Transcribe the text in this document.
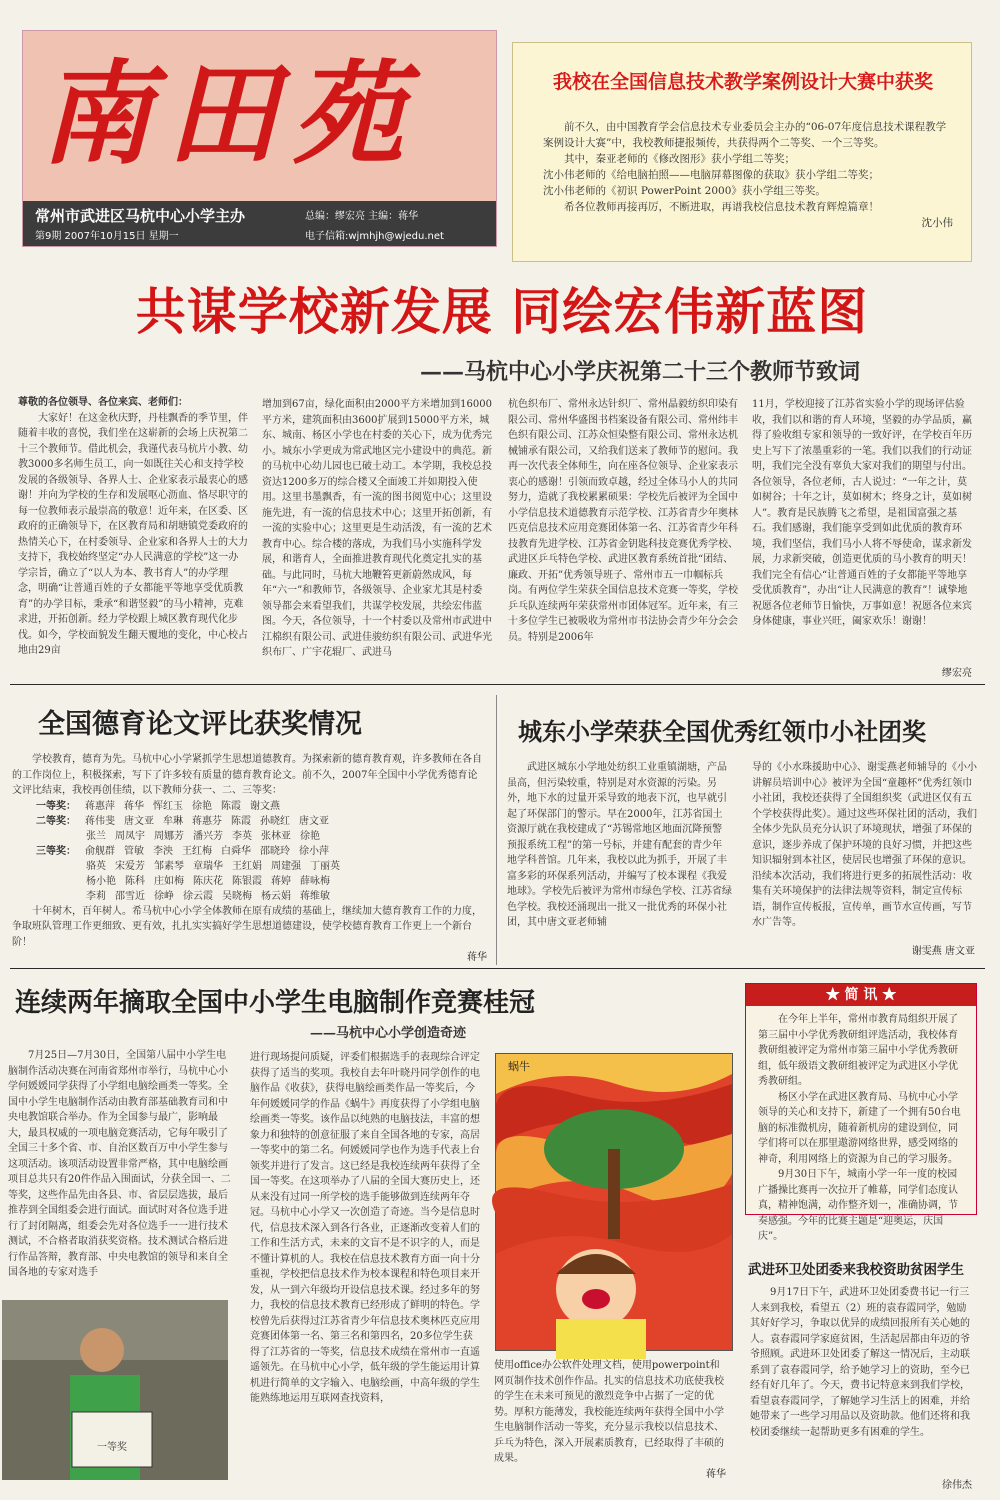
常州市武进区马杭中心小学主办
第9期 2007年10月15日 星期一
总编：缪宏亮 主编：蒋华
电子信箱:wjmhjh@wjedu.net
南田苑	我校在全国信息技术教学案例设计大赛中获奖
前不久，由中国教育学会信息技术专业委员会主办的“06-07年度信息技术课程教学案例设计大赛”中，我校教师捷报频传，共获得两个二等奖、一个三等奖。
其中，秦亚老师的《修改图形》获小学组二等奖；
沈小伟老师的《给电脑拍照——电脑屏幕图像的获取》获小学组二等奖；
沈小伟老师的《初识 PowerPoint 2000》获小学组三等奖。
希各位教师再接再厉，不断进取，再谱我校信息技术教育辉煌篇章！
沈小伟
共谋学校新发展 同绘宏伟新蓝图
——马杭中心小学庆祝第二十三个教师节致词
尊敬的各位领导、各位来宾、老师们：

大家好！在这金秋庆野，丹桂飘香的季节里，伴随着丰收的喜悦，我们坐在这崭新的会场上庆祝第二十三个教师节。借此机会，我谨代表马杭片小教、幼教3000多名师生员工，向一如既往关心和支持学校发展的各级领导、各界人士、企业家表示最衷心的感谢！并向为学校的生存和发展呕心沥血、恪尽职守的每一位教师表示最崇高的敬意！近年来，在区委、区政府的正确领导下，在区教育局和胡塘镇党委政府的热情关心下，在村委领导、企业家和各界人士的大力支持下，我校始终坚定“办人民满意的学校”这一办学宗旨，确立了“以人为本、教书育人”的办学理念，明确“让普通百姓的子女都能平等地享受优质教育”的办学目标，秉承“和谐竖毅”的马小精神，克难求进，开拓创新。经力学校跟上城区教育现代化步伐。如今，学校面貌发生翻天覆地的变化，中心校占地由29亩

增加到67亩，绿化面积由2000平方米增加到16000平方米，建筑面积由3600扩展到15000平方米，城东、城南、杨区小学也在村委的关心下，成为优秀完小。城东小学更成为常武地区完小建设中的典范。新的马杭中心幼儿园也已破土动工。本学期，我校总投资达1200多万的综合楼又全面竣工并如期投入使用。这里书墨飘香，有一流的图书阅览中心；这里设施先进，有一流的信息技术中心；这里开拓创新，有一流的实验中心；这里更是生动活泼，有一流的艺术教育中心。综合楼的落成，为我们马小实施科学发展，和谐育人，全面推进教育现代化奠定扎实的基础。与此同时，马杭大地鞭笞更新蔚然成风，每年“六一”和教师节，各级领导、企业家尤其是村委领导都会来看望我们，共谋学校发展，共绘宏伟蓝图。今天，各位领导，十一个村委以及常州市武进中江棉织有限公司、武进佳骏纺织有限公司、武进华光织布厂、广宇花辊厂、武进马

杭色织布厂、常州永达针织厂、常州晶毅纺织印染有限公司、常州华盛图书档案设备有限公司、常州纬丰色织有限公司、江苏众恒染整有限公司、常州永达机械铺承有限公司，又给我们送来了教师节的慰问。我再一次代表全体师生，向在座各位领导、企业家表示衷心的感谢！引领而致卓越，经过全体马小人的共同努力，造就了我校累累硕果：学校先后被评为全国中小学信息技术道德教育示范学校、江苏省青少年奥林匹克信息技术应用竞赛团体第一名、江苏省青少年科技教育先进学校、江苏省金钥匙科技竞赛优秀学校、武进区乒乓特色学校、武进区教育系统首批“团结、廉政、开拓”优秀领导班子、常州市五一巾帼标兵岗。有两位学生荣获全国信息技术竞赛一等奖，学校乒乓队连续两年荣获常州市团体冠军。近年来，有三十多位学生已被吸收为常州市书法协会青少年分会会员。特别是2006年

11月，学校迎接了江苏省实验小学的现场评估验收，我们以和谐的育人环境，坚毅的办学品质，赢得了验收组专家和领导的一致好评，在学校百年历史上写下了浓墨重彩的一笔。我们以我们的行动证明，我们完全没有辜负大家对我们的期望与付出。各位领导，各位老师，古人说过：“一年之计，莫如树谷；十年之计，莫如树木；终身之计，莫如树人”。教育是民族腾飞之希望，是祖国富强之基石。我们感谢，我们能享受到如此优质的教育环境，我们坚信，我们马小人将不辱使命，谋求新发展，力求新突破，创造更优质的马小教育的明天！我们完全有信心“让普通百姓的子女都能平等地享受优质教育”，办出“让人民满意的教育”！诚挚地祝愿各位老师节日愉快，万事如意！祝愿各位来宾身体健康，事业兴旺，阖家欢乐！谢谢！

缪宏亮
全国德育论文评比获奖情况

学校教育，德育为先。马杭中心小学紧抓学生思想道德教育。为探索新的德育教育观，许多教师在各自的工作岗位上，积极探索，写下了许多较有质量的德育教育论文。前不久，2007年全国中小学优秀德育论文评比结束，我校再创佳绩，以下教师分获一、二、三等奖：

一等奖： 蒋惠萍 蒋华 恽红玉 徐艳 陈霞 谢文燕
二等奖： 蒋伟斐 唐文亚 牟琳 蒋惠芬 陈霞 孙晓红 唐文亚
张兰 周凤宇 周娜芳 潘兴芳 李英 张林亚 徐艳
三等奖： 俞舰群 管敏 李泱 王红梅 白舜华 邵晓玲 徐小萍
骆英 宋爱芳 邹素琴 章瑞华 王红娟 周建强 丁丽英
杨小艳 陈科 庄如梅 陈庆花 陈银霞 蒋婷 薛咏梅
李莉 邵雪近 徐峥 徐云霞 吴晓梅 杨云娟 蒋维敏

十年树木，百年树人。希马杭中心小学全体教师在原有成绩的基础上，继续加大德育教育工作的力度，争取班队管理工作更细致、更有效，扎扎实实搞好学生思想道德建设，使学校德育教育工作更上一个新台阶！

蒋华
城东小学荣获全国优秀红领巾小社团奖

武进区城东小学地处纺织工业重镇湖塘，产品虽高，但污染较重，特别是对水资源的污染。另外，地下水的过量开采导致的地表下沉，也早就引起了环保部门的警示。早在2000年，江苏省国土资源厅就在我校建成了“苏锡常地区地面沉降预警预报系统工程”的第一号标，并建有配套的青少年地学科普馆。几年来，我校以此为抓手，开展了丰富多彩的环保系列活动，并编写了校本课程《我爱地球》。学校先后被评为常州市绿色学校、江苏省绿色学校。我校还涌现出一批又一批优秀的环保小社团，其中唐文亚老师辅

导的《小水珠援助中心》、谢雯燕老师辅导的《小小讲解员培训中心》被评为全国“童趣杯”优秀红领巾小社团，我校还获得了全国组织奖（武进区仅有五个学校获得此奖）。通过这些环保社团的活动，我们全体少先队员充分认识了环境现状，增强了环保的意识，逐步养成了保护环境的良好习惯，并把这些知识辐射到本社区，使居民也增强了环保的意识。沿续本次活动，我们将进行更多的拓展性活动：收集有关环境保护的法律法规等资料，制定宣传标语，制作宣传板报，宣传单，画节水宣传画，写节水广告等。

谢雯燕 唐文亚
连续两年摘取全国中小学生电脑制作竞赛桂冠
——马杭中心小学创造奇迹

7月25日—7月30日，全国第八届中小学生电脑制作活动决赛在河南省郑州市举行，马杭中心小学何媛媛同学获得了小学组电脑绘画类一等奖。全国中小学生电脑制作活动由教育部基础教育司和中央电教馆联合举办。作为全国参与最广，影响最大，最具权威的一项电脑竞赛活动，它每年吸引了全国三十多个省、市、自治区数百万中小学生参与这项活动。该项活动设置非常严格，其中电脑绘画项目总共只有20件作品入围面试，分获全国一、二等奖，这些作品先由各县、市、省层层选拔，最后推荐到全国组委会进行面试。面试时对各位选手进行了封闭隔离，组委会先对各位选手一一进行技术测试，不合格者取消获奖资格。技术测试合格后进行作品答辩，教育部、中央电教馆的领导和来自全国各地的专家对选手

进行现场提问质疑，评委们根据选手的表现综合评定获得了适当的奖项。我校自去年叶晓丹同学创作的电脑作品《收获》，获得电脑绘画类作品一等奖后，今年何媛媛同学的作品《蜗牛》再度获得了小学组电脑绘画类一等奖。该作品以纯熟的电脑技法，丰富的想象力和独特的创意征服了来自全国各地的专家，高居一等奖中的第二名。何媛媛同学也作为选手代表上台领奖并进行了发言。这已经是我校连续两年获得了全国一等奖。在这项举办了八届的全国大赛历史上，还从来没有过同一所学校的选手能够做到连续两年夺冠。马杭中心小学又一次创造了奇迹。当今是信息时代，信息技术深入到各行各业，正逐渐改变着人们的工作和生活方式，未来的文盲不是不识字的人，而是不懂计算机的人。我校在信息技术教育方面一向十分重视，学校把信息技术作为校本课程和特色项目来开发，从一到六年级均开设信息技术课。经过多年的努力，我校的信息技术教育已经形成了鲜明的特色。学校曾先后获得过江苏省青少年信息技术奥林匹克应用竞赛团体第一名、第三名和第四名，20多位学生获得了江苏省的一等奖，信息技术成绩在常州市一直遥遥领先。在马杭中心小学，低年级的学生能运用计算机进行简单的文字输入、电脑绘画，中高年级的学生能熟练地运用互联网查找资料，

蜗牛

使用office办公软件处理文档，使用powerpoint和网页制作技术创作作品。扎实的信息技术功底使我校的学生在未来可预见的激烈竞争中占据了一定的优势。厚积方能薄发，我校能连续两年获得全国中小学生电脑制作活动一等奖，充分显示我校以信息技术、乒乓为特色，深入开展素质教育，已经取得了丰硕的成果。

蒋华
一等奖
★ 简 讯 ★

在今年上半年，常州市教育局组织开展了第三届中小学优秀教研组评选活动，我校体育教研组被评定为常州市第三届中小学优秀教研组，低年级语文教研组被评定为武进区小学优秀教研组。

杨区小学在武进区教育局、马杭中心小学领导的关心和支持下，新建了一个拥有50台电脑的标准微机房，随着新机房的建设到位，同学们将可以在那里遨游网络世界，感受网络的神奇，利用网络上的资源为自己的学习服务。

9月30日下午，城南小学一年一度的校园广播操比赛再一次拉开了帷幕，同学们态度认真，精神饱满，动作整齐划一，准确协调，节奏感强。今年的比赛主题是“迎奥运，庆国庆”。

武进环卫处团委来我校资助贫困学生

9月17日下午，武进环卫处团委费书记一行三人来到我校，看望五（2）班的袁春霞同学，勉励其好好学习，争取以优异的成绩回报所有关心她的人。袁春霞同学家庭贫困，生活起居都由年迈的爷爷照顾。武进环卫处团委了解这一情况后，主动联系到了袁春霞同学，给予她学习上的资助，至今已经有好几年了。今天，费书记特意来到我们学校，看望袁春霞同学，了解她学习生活上的困难，并给她带来了一些学习用品以及资助款。他们还将和我校团委继续一起帮助更多有困难的学生。

徐伟杰
